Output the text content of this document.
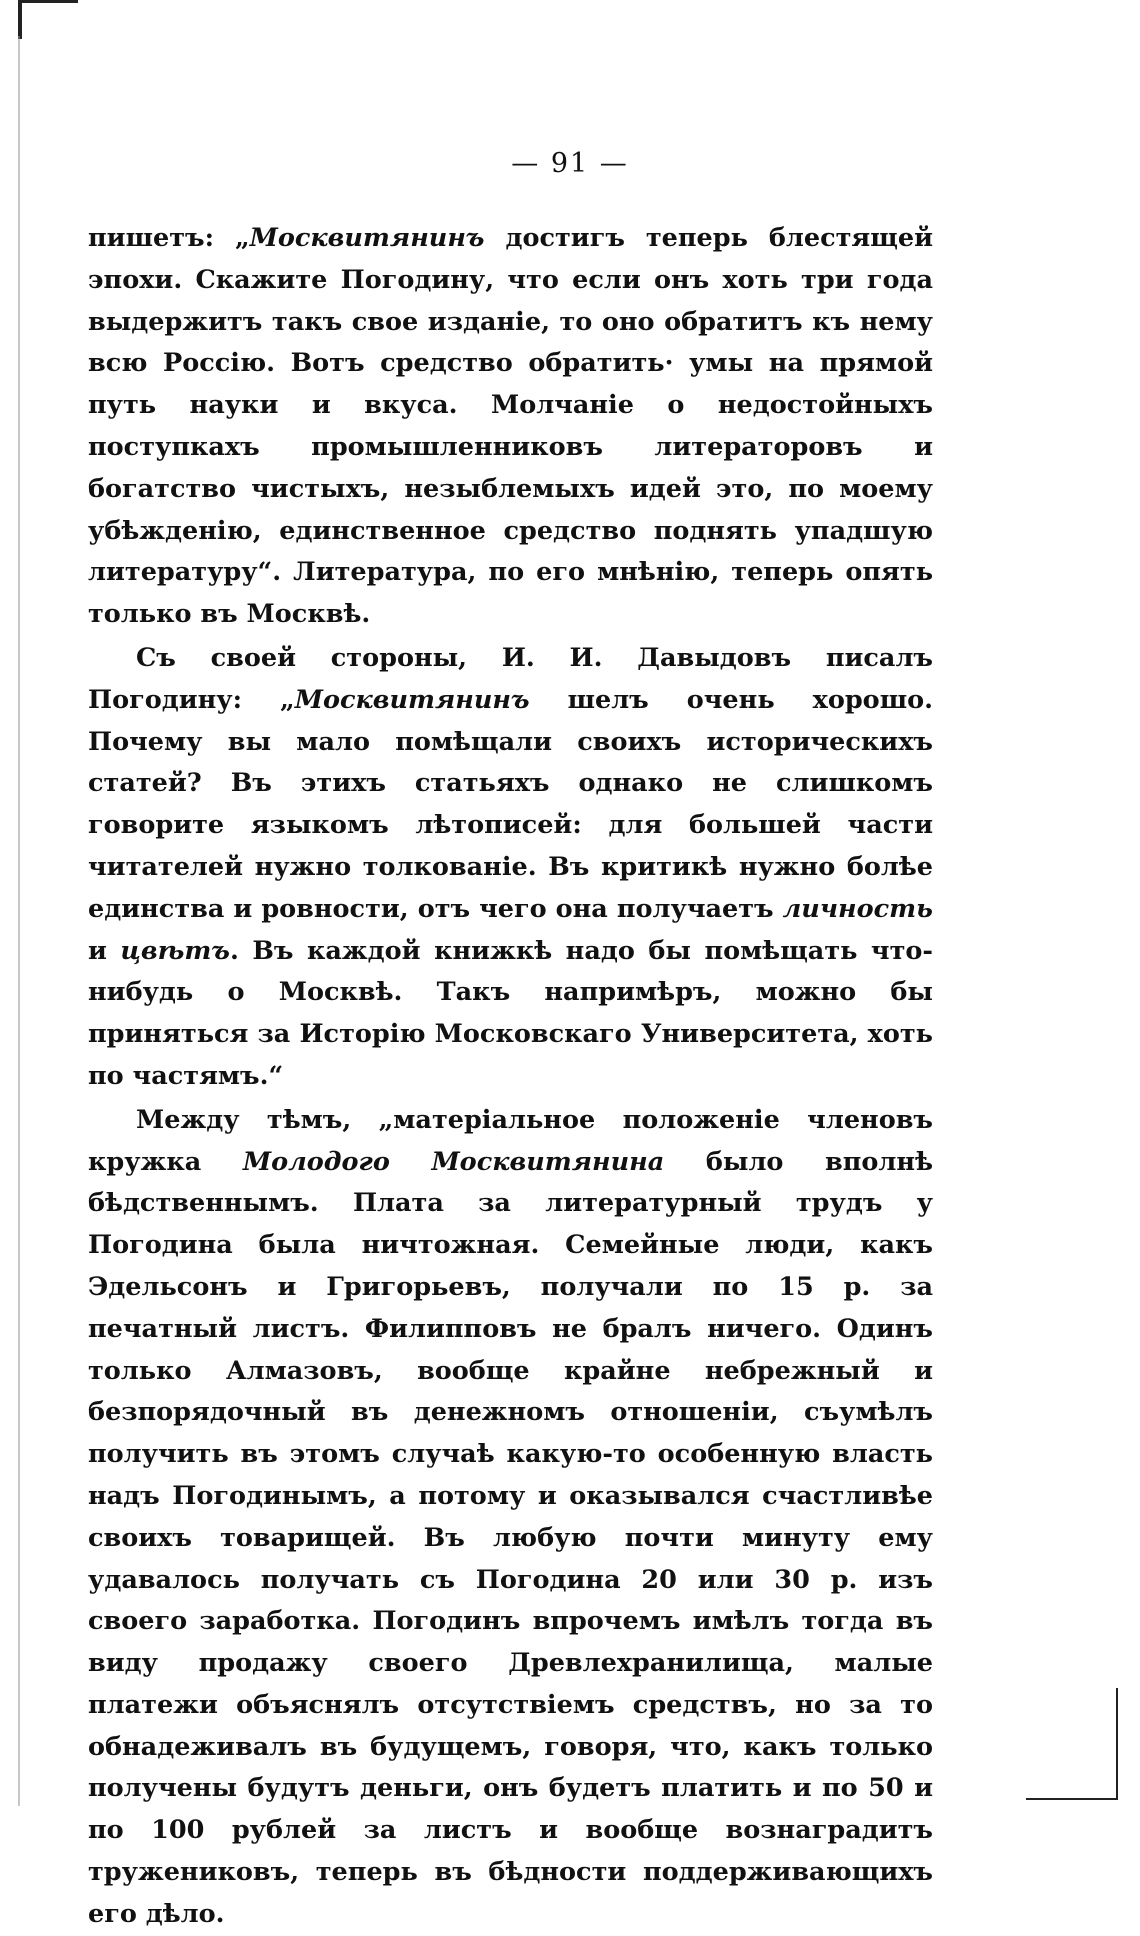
— 91 —

пишетъ: „Москвитянинъ достигъ теперь блестящей эпохи. Скажите Погодину, что если онъ хоть три года выдержитъ такъ свое изданіе, то оно обратитъ къ нему всю Россію. Вотъ средство обратить· умы на прямой путь науки и вкуса. Молчаніе о недостойныхъ поступкахъ промышленниковъ литераторовъ и богатство чистыхъ, незыблемыхъ идей это, по моему убѣжденію, единственное средство поднять упадшую литературу“. Литература, по его мнѣнію, теперь опять только въ Москвѣ.

Съ своей стороны, И. И. Давыдовъ писалъ Погодину: „Москвитянинъ шелъ очень хорошо. Почему вы мало помѣщали своихъ историческихъ статей? Въ этихъ статьяхъ однако не слишкомъ говорите языкомъ лѣтописей: для большей части читателей нужно толкованіе. Въ критикѣ нужно болѣе единства и ровности, отъ чего она получаетъ личность и цвѣтъ. Въ каждой книжкѣ надо бы помѣщать что-нибудь о Москвѣ. Такъ напримѣръ, можно бы приняться за Исторію Московскаго Университета, хоть по частямъ.“

Между тѣмъ, „матеріальное положеніе членовъ кружка Молодого Москвитянина было вполнѣ бѣдственнымъ. Плата за литературный трудъ у Погодина была ничтожная. Семейные люди, какъ Эдельсонъ и Григорьевъ, получали по 15 р. за печатный листъ. Филипповъ не бралъ ничего. Одинъ только Алмазовъ, вообще крайне небрежный и безпорядочный въ денежномъ отношеніи, съумѣлъ получить въ этомъ случаѣ какую-то особенную власть надъ Погодинымъ, а потому и оказывался счастливѣе своихъ товарищей. Въ любую почти минуту ему удавалось получать съ Погодина 20 или 30 р. изъ своего заработка. Погодинъ впрочемъ имѣлъ тогда въ виду продажу своего Древлехранилища, малые платежи объяснялъ отсутствіемъ средствъ, но за то обнадеживалъ въ будущемъ, говоря, что, какъ только получены будутъ деньги, онъ будетъ платить и по 50 и по 100 рублей за листъ и вообще вознаградитъ тружениковъ, теперь въ бѣдности поддерживающихъ его дѣло.
